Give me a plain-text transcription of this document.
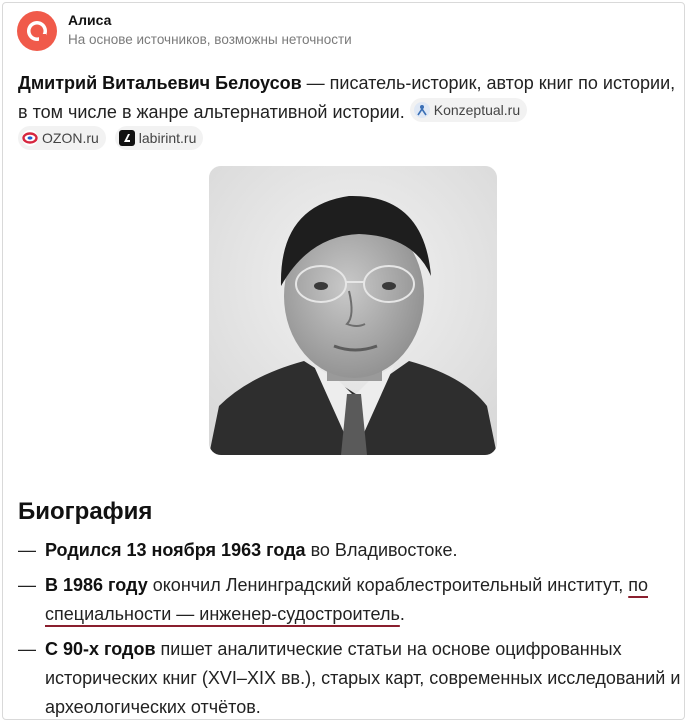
Алиса
На основе источников, возможны неточности
Дмитрий Витальевич Белоусов — писатель-историк, автор книг по истории, в том числе в жанре альтернативной истории. Konzeptual.ru
OZON.ru	labirint.ru
Биография
— Родился 13 ноября 1963 года во Владивостоке.
— В 1986 году окончил Ленинградский кораблестроительный институт, по специальности — инженер-судостроитель.
— С 90-х годов пишет аналитические статьи на основе оцифрованных исторических книг (XVI–XIX вв.), старых карт, современных исследований и археологических отчётов.
